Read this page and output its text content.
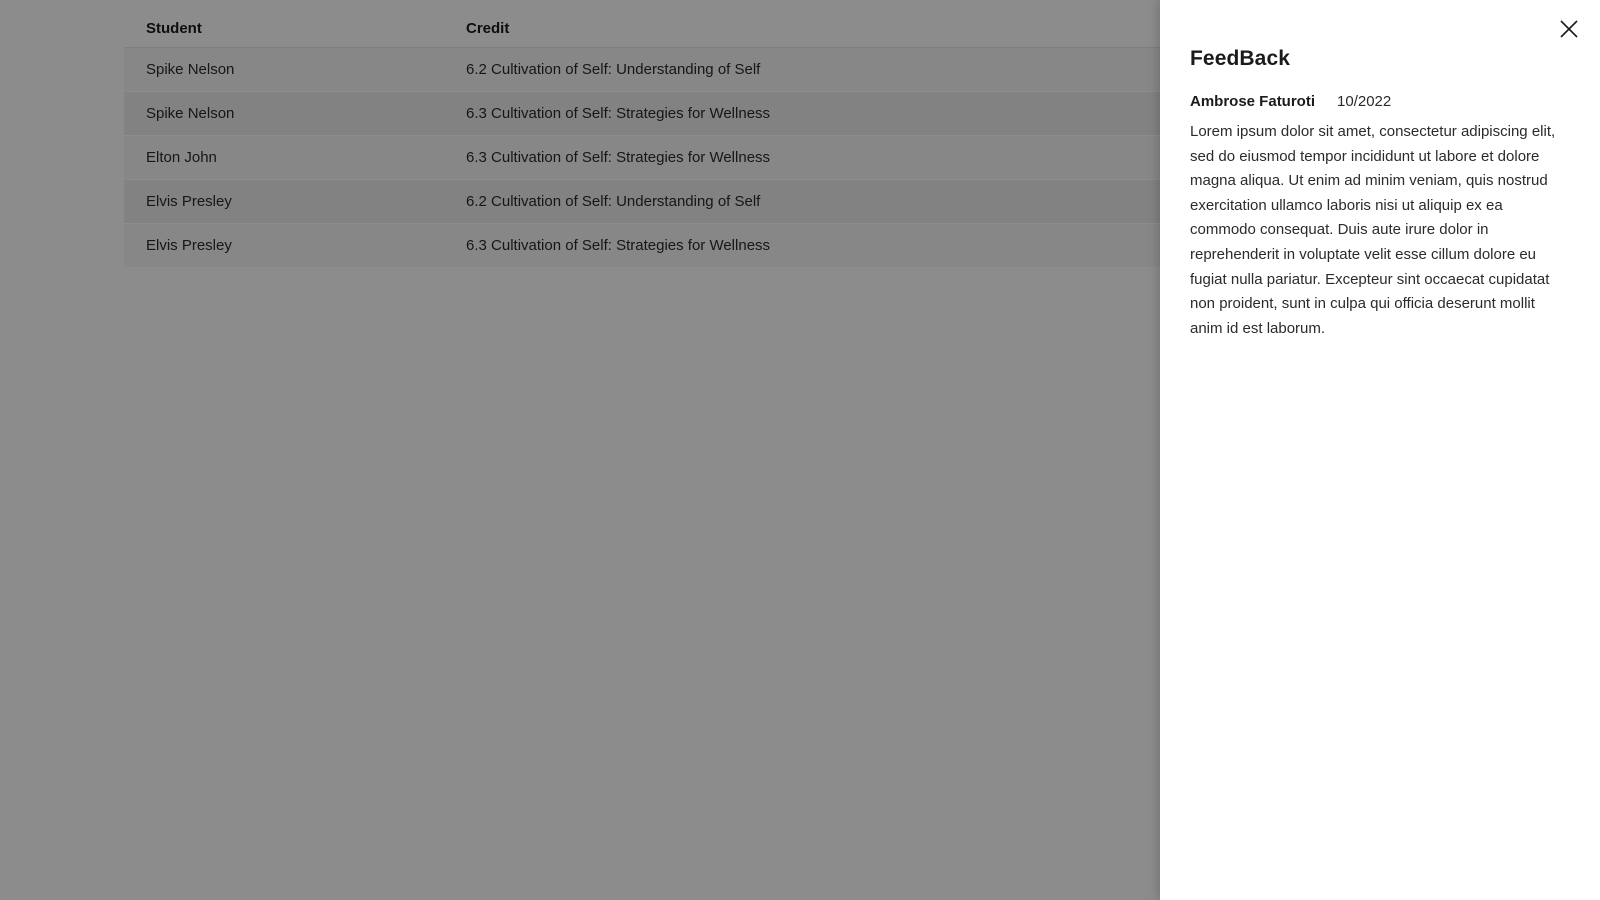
Student	Credit	
Spike Nelson	6.2 Cultivation of Self: Understanding of Self	
Spike Nelson	6.3 Cultivation of Self: Strategies for Wellness	
Elton John	6.3 Cultivation of Self: Strategies for Wellness	
Elvis Presley	6.2 Cultivation of Self: Understanding of Self	
Elvis Presley	6.3 Cultivation of Self: Strategies for Wellness	
FeedBack
Ambrose Faturoti 10/2022

Lorem ipsum dolor sit amet, consectetur adipiscing elit, sed do eiusmod tempor incididunt ut labore et dolore magna aliqua. Ut enim ad minim veniam, quis nostrud exercitation ullamco laboris nisi ut aliquip ex ea commodo consequat. Duis aute irure dolor in reprehenderit in voluptate velit esse cillum dolore eu fugiat nulla pariatur. Excepteur sint occaecat cupidatat non proident, sunt in culpa qui officia deserunt mollit anim id est laborum.
